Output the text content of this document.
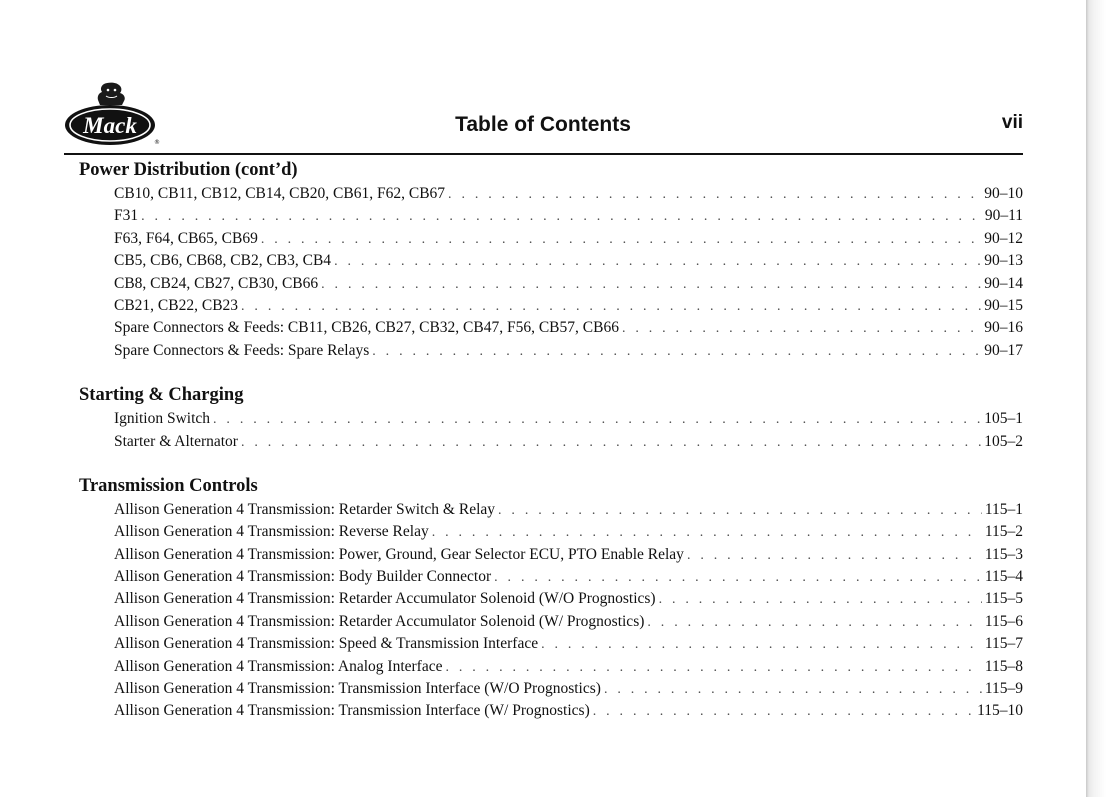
Mack
®
Table of Contents	vii
Power Distribution (cont’d)
CB10, CB11, CB12, CB14, CB20, CB61, F62, CB67 . . .	90–10
F31 . . .	90–11
F63, F64, CB65, CB69 . . .	90–12
CB5, CB6, CB68, CB2, CB3, CB4 . . .	90–13
CB8, CB24, CB27, CB30, CB66 . . .	90–14
CB21, CB22, CB23 . . .	90–15
Spare Connectors & Feeds: CB11, CB26, CB27, CB32, CB47, F56, CB57, CB66 . . .	90–16
Spare Connectors & Feeds: Spare Relays . . .	90–17
Starting & Charging
Ignition Switch . . .	105–1
Starter & Alternator . . .	105–2
Transmission Controls
Allison Generation 4 Transmission: Retarder Switch & Relay . . .	115–1
Allison Generation 4 Transmission: Reverse Relay . . .	115–2
Allison Generation 4 Transmission: Power, Ground, Gear Selector ECU, PTO Enable Relay . . .	115–3
Allison Generation 4 Transmission: Body Builder Connector . . .	115–4
Allison Generation 4 Transmission: Retarder Accumulator Solenoid (W/O Prognostics) . . .	115–5
Allison Generation 4 Transmission: Retarder Accumulator Solenoid (W/ Prognostics) . . .	115–6
Allison Generation 4 Transmission: Speed & Transmission Interface . . .	115–7
Allison Generation 4 Transmission: Analog Interface . . .	115–8
Allison Generation 4 Transmission: Transmission Interface (W/O Prognostics) . . .	115–9
Allison Generation 4 Transmission: Transmission Interface (W/ Prognostics) . . .	115–10
